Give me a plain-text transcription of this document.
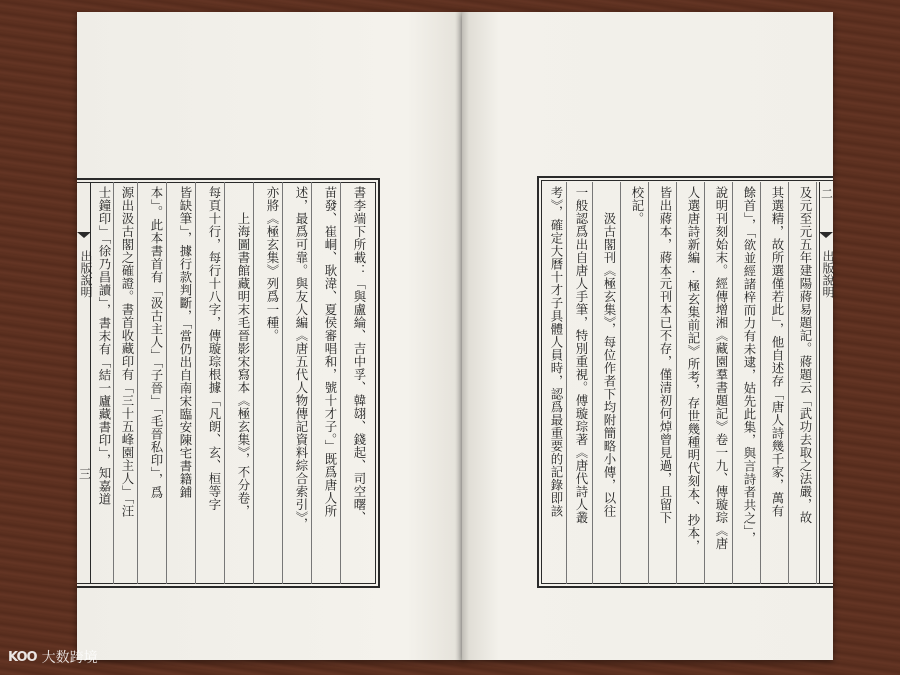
出版說明	出版說明
三
二
書李端下所載：「與盧綸、吉中孚、韓翃、錢起、司空曙、
苗發、崔峒、耿湋、夏侯審唱和，號十才子。」既爲唐人所
述，最爲可靠。與友人編《唐五代人物傳記資料綜合索引》，
亦將《極玄集》列爲一種。
上海圖書館藏明末毛晉影宋寫本《極玄集》，不分卷，
每頁十行，每行十八字，傳璇琮根據「凡朗、玄、桓等字
皆缺筆」，據行款判斷，「當仍出自南宋臨安陳宅書籍鋪
本」。此本書首有「汲古主人」「子晉」「毛晉私印」，爲
源出汲古閣之確證。書首收藏印有「三十五峰園主人」「汪
士鐘印」「徐乃昌讀」，書末有「結一廬藏書印」，知嘉道	及元至元五年建陽蔣易題記。蔣題云「武功去取之法嚴，故
其選精，故所選僅若此」，他自述存「唐人詩幾千家，萬有
餘首」，「欲並經諸梓而力有未逮，姑先此集，與言詩者共之」，
說明刊刻始末。經傳增湘《藏園羣書題記》卷一九、傳璇琮《唐
人選唐詩新編·極玄集前記》所考，存世幾種明代刻本、抄本，
皆出蔣本，蔣本元刊本已不存，僅清初何焯曾見過，且留下
校記。
汲古閣刊《極玄集》，每位作者下均附簡略小傳，以往
一般認爲出自唐人手筆，特別重視。傅璇琮著《唐代詩人叢
考》，確定大曆十才子具體人員時，認爲最重要的記錄即該
KOO 大数跨境
